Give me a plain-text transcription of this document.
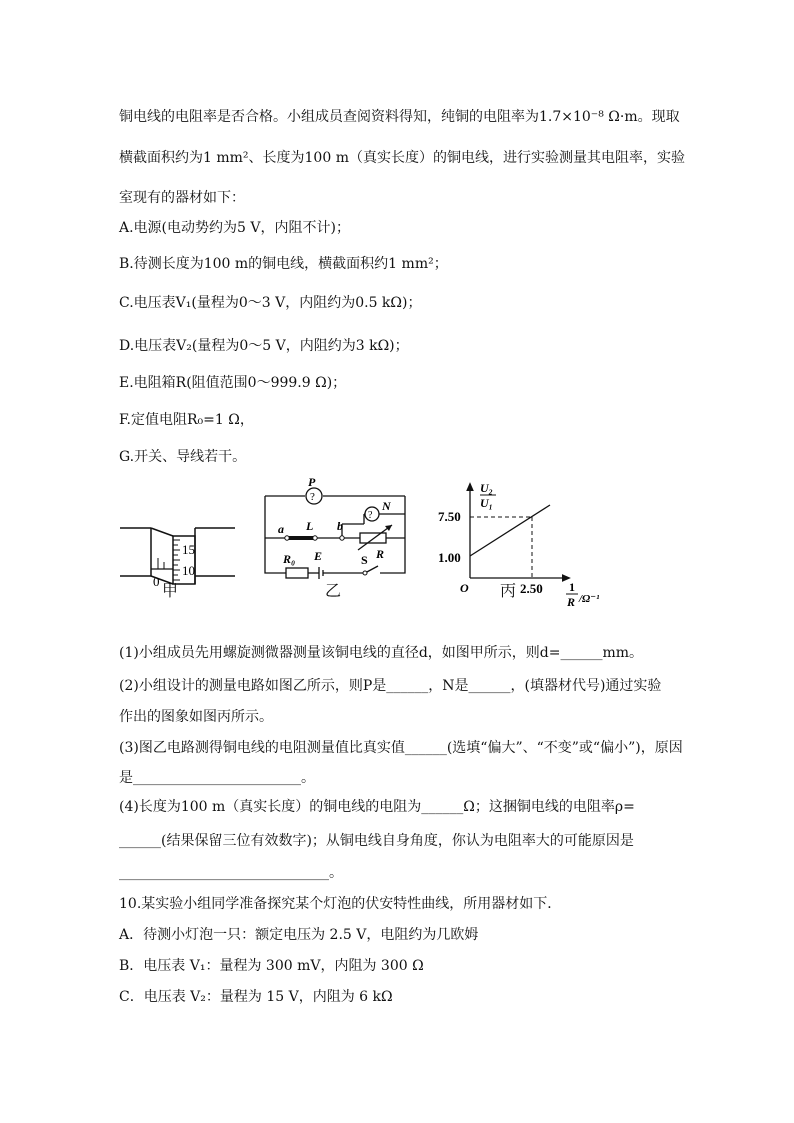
铜电线的电阻率是否合格。小组成员查阅资料得知，纯铜的电阻率为1.7×10⁻⁸ Ω·m。现取
横截面积约为1 mm²、长度为100 m（真实长度）的铜电线，进行实验测量其电阻率，实验
室现有的器材如下：
A.电源(电动势约为5 V，内阻不计)；
B.待测长度为100 m的铜电线，横截面积约1 mm²；
C.电压表V₁(量程为0～3 V，内阻约为0.5 kΩ)；
D.电压表V₂(量程为0～5 V，内阻约为3 kΩ)；
E.电阻箱R(阻值范围0～999.9 Ω)；
F.定值电阻R₀=1 Ω，
G.开关、导线若干。
15
10
0 甲
?
?
P
N
a L b
R₀ E	S R
乙
U₂
U₁
7.50
1.00
O	2.50 1
R /Ω⁻¹
丙
(1)小组成员先用螺旋测微器测量该铜电线的直径d，如图甲所示，则d=______mm。
(2)小组设计的测量电路如图乙所示，则P是______，N是______，(填器材代号)通过实验
作出的图象如图丙所示。
(3)图乙电路测得铜电线的电阻测量值比真实值______(选填“偏大”、“不变”或“偏小”)，原因
是________________________。
(4)长度为100 m（真实长度）的铜电线的电阻为______Ω；这捆铜电线的电阻率ρ=
______(结果保留三位有效数字)；从铜电线自身角度，你认为电阻率大的可能原因是
______________________________。
10.某实验小组同学准备探究某个灯泡的伏安特性曲线，所用器材如下．
A．待测小灯泡一只：额定电压为 2.5 V，电阻约为几欧姆
B．电压表 V₁：量程为 300 mV，内阻为 300 Ω
C．电压表 V₂：量程为 15 V，内阻为 6 kΩ
